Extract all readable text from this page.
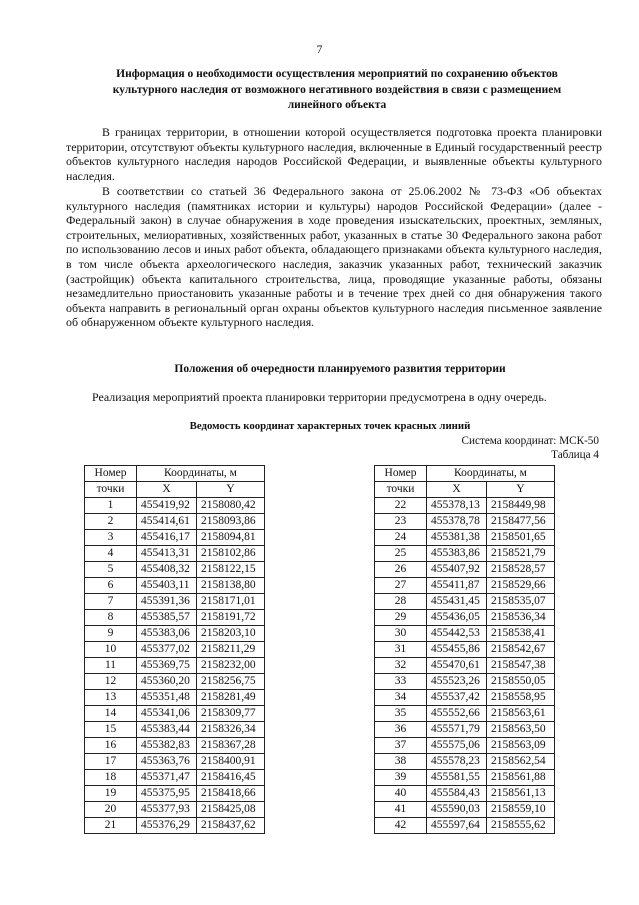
7
Информация о необходимости осуществления мероприятий по сохранению объектов
культурного наследия от возможного негативного воздействия в связи с размещением
линейного объекта
В границах территории, в отношении которой осуществляется подготовка проекта планировки территории, отсутствуют объекты культурного наследия, включенные в Единый государственный реестр объектов культурного наследия народов Российской Федерации, и выявленные объекты культурного наследия.
В соответствии со статьей 36 Федерального закона от 25.06.2002 № 73-ФЗ «Об объектах культурного наследия (памятниках истории и культуры) народов Российской Федерации» (далее - Федеральный закон) в случае обнаружения в ходе проведения изыскательских, проектных, земляных, строительных, мелиоративных, хозяйственных работ, указанных в статье 30 Федерального закона работ по использованию лесов и иных работ объекта, обладающего признаками объекта культурного наследия, в том числе объекта археологического наследия, заказчик указанных работ, технический заказчик (застройщик) объекта капитального строительства, лица, проводящие указанные работы, обязаны незамедлительно приостановить указанные работы и в течение трех дней со дня обнаружения такого объекта направить в региональный орган охраны объектов культурного наследия письменное заявление об обнаруженном объекте культурного наследия.
Положения об очередности планируемого развития территории
Реализация мероприятий проекта планировки территории предусмотрена в одну очередь.
Ведомость координат характерных точек красных линий
Система координат: МСК-50
Таблица 4
Номер	Координаты, м	
точки	X	Y
1	455419,92	2158080,42
2	455414,61	2158093,86
3	455416,17	2158094,81
4	455413,31	2158102,86
5	455408,32	2158122,15
6	455403,11	2158138,80
7	455391,36	2158171,01
8	455385,57	2158191,72
9	455383,06	2158203,10
10	455377,02	2158211,29
11	455369,75	2158232,00
12	455360,20	2158256,75
13	455351,48	2158281,49
14	455341,06	2158309,77
15	455383,44	2158326,34
16	455382,83	2158367,28
17	455363,76	2158400,91
18	455371,47	2158416,45
19	455375,95	2158418,66
20	455377,93	2158425,08
21	455376,29	2158437,62
Номер	Координаты, м	
точки	X	Y
22	455378,13	2158449,98
23	455378,78	2158477,56
24	455381,38	2158501,65
25	455383,86	2158521,79
26	455407,92	2158528,57
27	455411,87	2158529,66
28	455431,45	2158535,07
29	455436,05	2158536,34
30	455442,53	2158538,41
31	455455,86	2158542,67
32	455470,61	2158547,38
33	455523,26	2158550,05
34	455537,42	2158558,95
35	455552,66	2158563,61
36	455571,79	2158563,50
37	455575,06	2158563,09
38	455578,23	2158562,54
39	455581,55	2158561,88
40	455584,43	2158561,13
41	455590,03	2158559,10
42	455597,64	2158555,62
